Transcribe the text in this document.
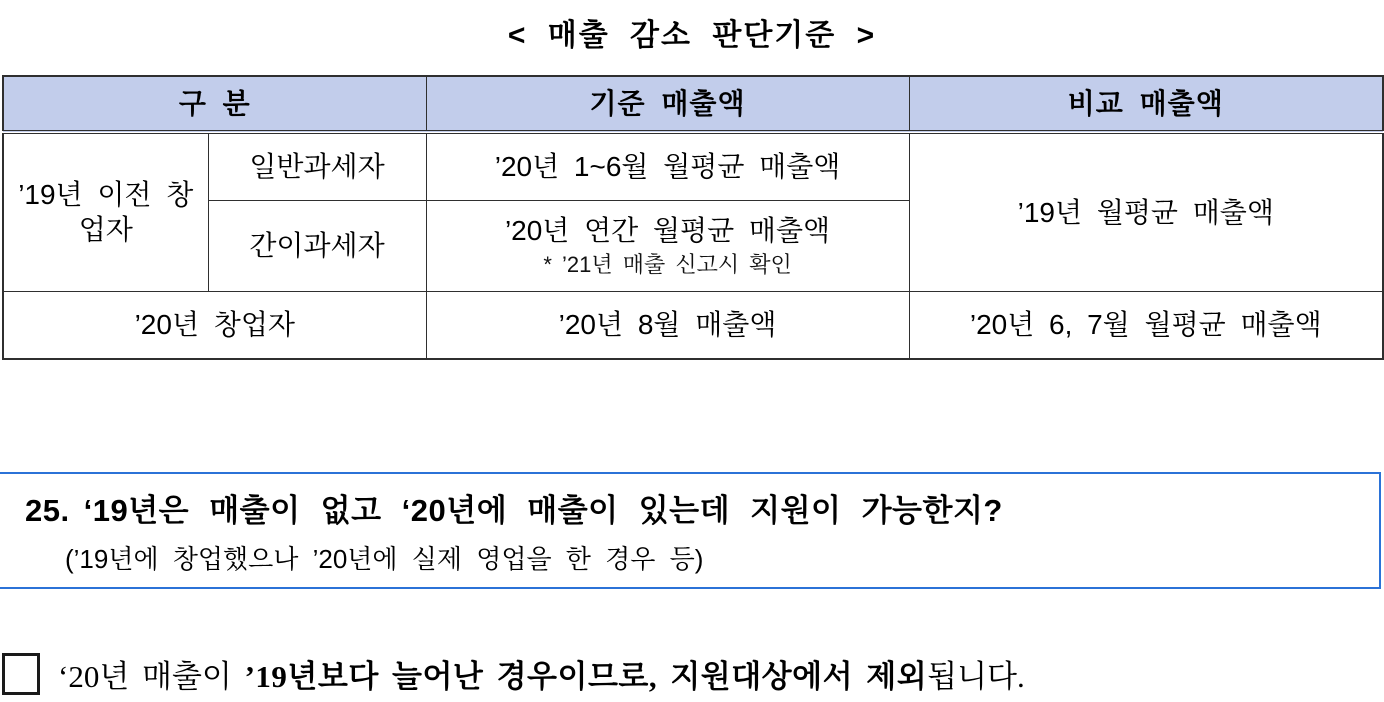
< 매출 감소 판단기준 >
구 분		기준 매출액	비교 매출액
’19년 이전 창업자	일반과세자	’20년 1~6월 월평균 매출액	’19년 월평균 매출액
	간이과세자	’20년 연간 월평균 매출액
* ’21년 매출 신고시 확인	

’20년 창업자		’20년 8월 매출액	’20년 6, 7월 월평균 매출액
25. ‘19년은 매출이 없고 ‘20년에 매출이 있는데 지원이 가능한지?
(’19년에 창업했으나 ’20년에 실제 영업을 한 경우 등)
‘20년 매출이 ’19년보다 늘어난 경우이므로, 지원대상에서 제외됩니다.
